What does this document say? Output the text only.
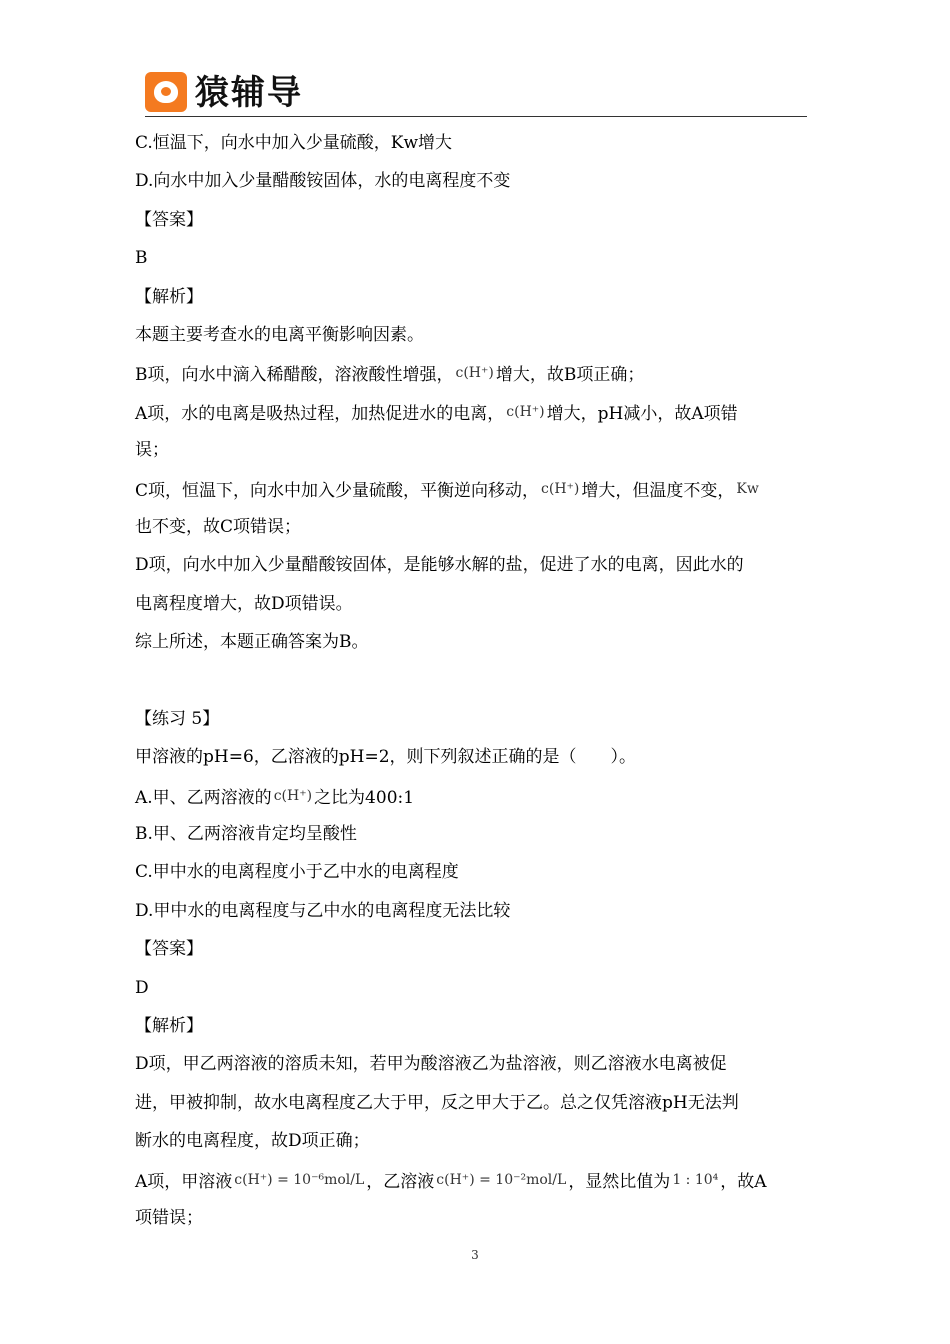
猿辅导
C.恒温下，向水中加入少量硫酸，Kw增大
D.向水中加入少量醋酸铵固体，水的电离程度不变
【答案】
B
【解析】
本题主要考查水的电离平衡影响因素。
B项，向水中滴入稀醋酸，溶液酸性增强， c(H⁺) 增大，故B项正确；
A项，水的电离是吸热过程，加热促进水的电离， c(H⁺) 增大，pH减小，故A项错
误；
C项，恒温下，向水中加入少量硫酸，平衡逆向移动， c(H⁺) 增大，但温度不变， Kw
也不变，故C项错误；
D项，向水中加入少量醋酸铵固体，是能够水解的盐，促进了水的电离，因此水的
电离程度增大，故D项错误。
综上所述，本题正确答案为B。
【练习 5】
甲溶液的pH=6，乙溶液的pH=2，则下列叙述正确的是（　　）。
A.甲、乙两溶液的 c(H⁺) 之比为400:1
B.甲、乙两溶液肯定均呈酸性
C.甲中水的电离程度小于乙中水的电离程度
D.甲中水的电离程度与乙中水的电离程度无法比较
【答案】
D
【解析】
D项，甲乙两溶液的溶质未知，若甲为酸溶液乙为盐溶液，则乙溶液水电离被促
进，甲被抑制，故水电离程度乙大于甲，反之甲大于乙。总之仅凭溶液pH无法判
断水的电离程度，故D项正确；
A项，甲溶液 c(H⁺) = 10⁻⁶mol/L ，乙溶液 c(H⁺) = 10⁻²mol/L ，显然比值为 1 : 10⁴ ，故A
项错误；
3
